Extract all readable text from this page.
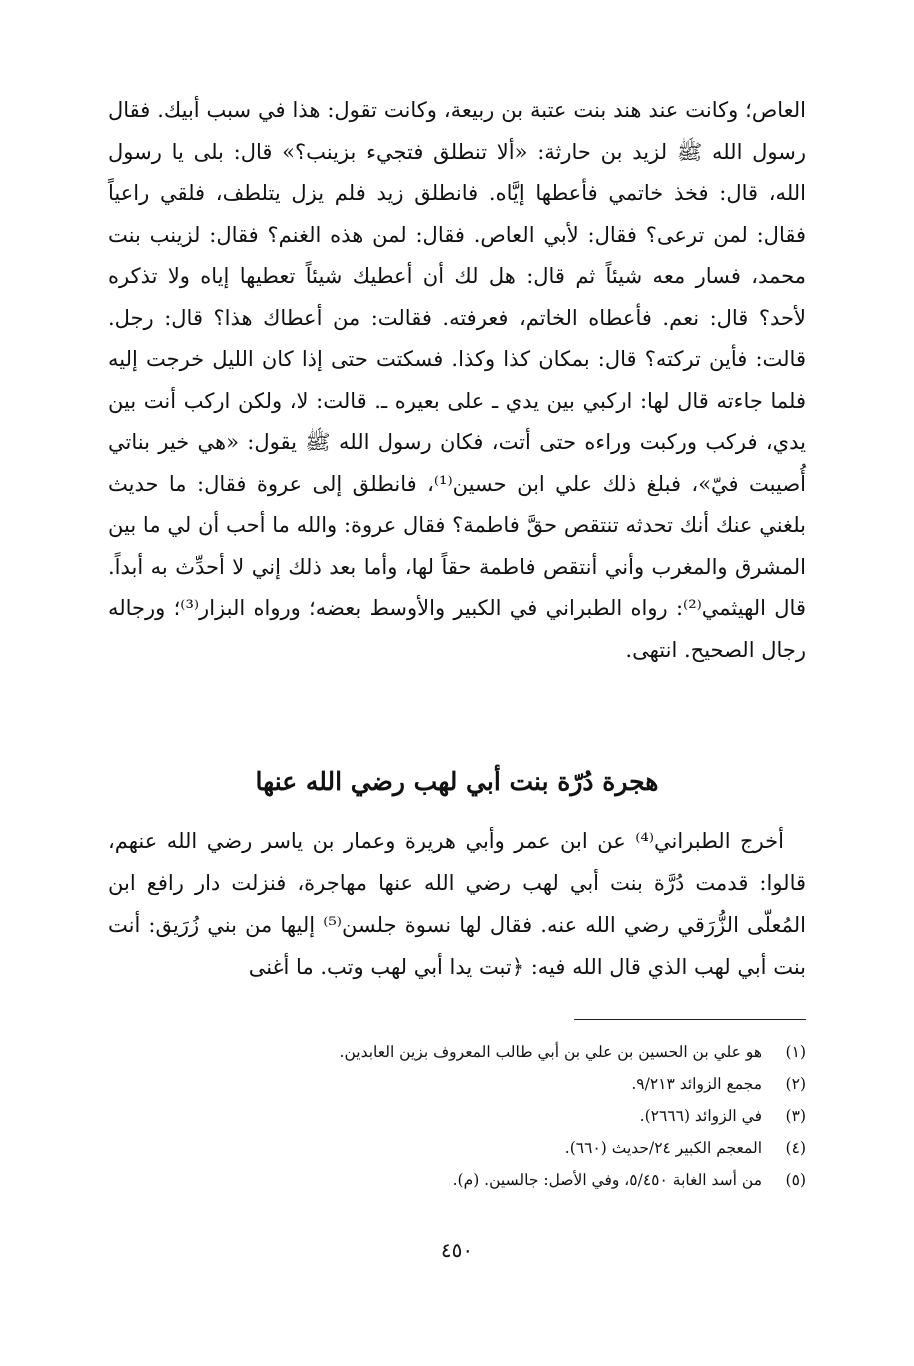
العاص؛ وكانت عند هند بنت عتبة بن ربيعة، وكانت تقول: هذا في سبب أبيك. فقال رسول الله ﷺ لزيد بن حارثة: «ألا تنطلق فتجيء بزينب؟» قال: بلى يا رسول الله، قال: فخذ خاتمي فأعطها إيَّاه. فانطلق زيد فلم يزل يتلطف، فلقي راعياً فقال: لمن ترعى؟ فقال: لأبي العاص. فقال: لمن هذه الغنم؟ فقال: لزينب بنت محمد، فسار معه شيئاً ثم قال: هل لك أن أعطيك شيئاً تعطيها إياه ولا تذكره لأحد؟ قال: نعم. فأعطاه الخاتم، فعرفته. فقالت: من أعطاك هذا؟ قال: رجل. قالت: فأين تركته؟ قال: بمكان كذا وكذا. فسكتت حتى إذا كان الليل خرجت إليه فلما جاءته قال لها: اركبي بين يدي ـ على بعيره ـ. قالت: لا، ولكن اركب أنت بين يدي، فركب وركبت وراءه حتى أتت، فكان رسول الله ﷺ يقول: «هي خير بناتي أُصيبت فيّ»، فبلغ ذلك علي ابن حسين⁽¹⁾، فانطلق إلى عروة فقال: ما حديث بلغني عنك أنك تحدثه تنتقص حقَّ فاطمة؟ فقال عروة: والله ما أحب أن لي ما بين المشرق والمغرب وأني أنتقص فاطمة حقاً لها، وأما بعد ذلك إني لا أحدِّث به أبداً. قال الهيثمي⁽²⁾: رواه الطبراني في الكبير والأوسط بعضه؛ ورواه البزار⁽³⁾؛ ورجاله رجال الصحيح. انتهى.

هجرة دُرّة بنت أبي لهب رضي الله عنها

أخرج الطبراني⁽⁴⁾ عن ابن عمر وأبي هريرة وعمار بن ياسر رضي الله عنهم، قالوا: قدمت دُرَّة بنت أبي لهب رضي الله عنها مهاجرة، فنزلت دار رافع ابن المُعلّى الزُّرَقي رضي الله عنه. فقال لها نسوة جلسن⁽⁵⁾ إليها من بني زُرَيق: أنت بنت أبي لهب الذي قال الله فيه: ﴿تبت يدا أبي لهب وتب. ما أغنى

(١)
هو علي بن الحسين بن علي بن أبي طالب المعروف بزين العابدين.
(٢)
مجمع الزوائد ٩/٢١٣.
(٣)
في الزوائد (٢٦٦٦).
(٤)
المعجم الكبير ٢٤/حديث (٦٦٠).
(٥)
من أسد الغابة ٥/٤٥٠، وفي الأصل: جالسين. (م).
٤٥٠
